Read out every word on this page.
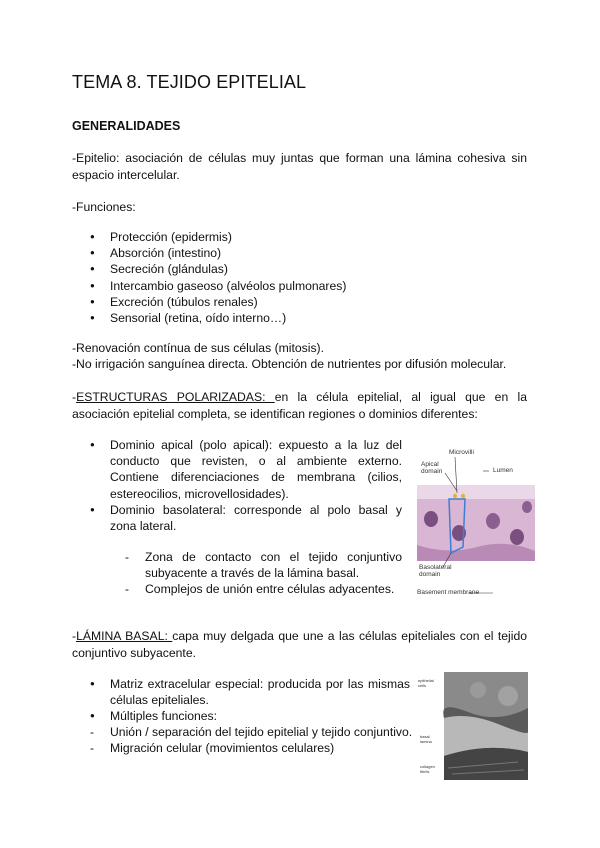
TEMA 8. TEJIDO EPITELIAL
GENERALIDADES
-Epitelio: asociación de células muy juntas que forman una lámina cohesiva sin espacio intercelular.
-Funciones:
● Protección (epidermis)
● Absorción (intestino)
● Secreción (glándulas)
● Intercambio gaseoso (alvéolos pulmonares)
● Excreción (túbulos renales)
● Sensorial (retina, oído interno…)
-Renovación contínua de sus células (mitosis).
-No irrigación sanguínea directa. Obtención de nutrientes por difusión molecular.
-ESTRUCTURAS POLARIZADAS: en la célula epitelial, al igual que en la asociación epitelial completa, se identifican regiones o dominios diferentes:
● Dominio apical (polo apical): expuesto a la luz del conducto que revisten, o al ambiente externo. Contiene diferenciaciones de membrana (cilios, estereocilios, microvellosidades).
● Dominio basolateral: corresponde al polo basal y zona lateral.
- Zona de contacto con el tejido conjuntivo subyacente a través de la lámina basal.
- Complejos de unión entre células adyacentes.
Microvilli
Apical domain	Lumen
Basolateral domain
Basement membrane
-LÁMINA BASAL: capa muy delgada que une a las células epiteliales con el tejido conjuntivo subyacente.
● Matriz extracelular especial: producida por las mismas células epiteliales.
● Múltiples funciones:
- Unión / separación del tejido epitelial y tejido conjuntivo.
- Migración celular (movimientos celulares)
epithelial cells
basal lamina
collagen fibrils
